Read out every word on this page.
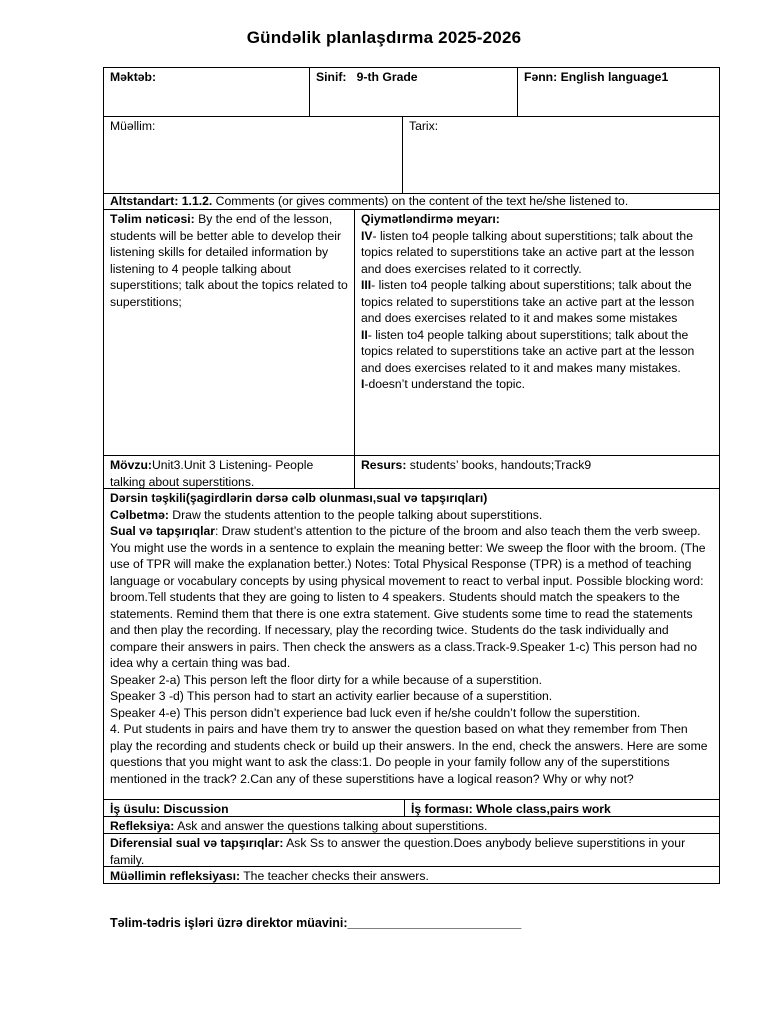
Gündəlik planlaşdırma 2025-2026
Məktəb:	Sinif: 9-th Grade	Fənn: English language1
Müəllim:	Tarix:
Altstandart: 1.1.2. Comments (or gives comments) on the content of the text he/she listened to.
Təlim nəticəsi: By the end of the lesson, students will be better able to develop their listening skills for detailed information by listening to 4 people talking about superstitions; talk about the topics related to superstitions;

Qiymətləndirmə meyarı:

IV- listen to4 people talking about superstitions; talk about the topics related to superstitions take an active part at the lesson and does exercises related to it correctly.

III- listen to4 people talking about superstitions; talk about the topics related to superstitions take an active part at the lesson and does exercises related to it and makes some mistakes

II- listen to4 people talking about superstitions; talk about the topics related to superstitions take an active part at the lesson and does exercises related to it and makes many mistakes.

I-doesn’t understand the topic.

Mövzu:Unit3.Unit 3 Listening- People talking about superstitions.
Resurs: students’ books, handouts;Track9

Dərsin təşkili(şagirdlərin dərsə cəlb olunması,sual və tapşırıqları)

Cəlbetmə: Draw the students attention to the people talking about superstitions.

Sual və tapşırıqlar: Draw student’s attention to the picture of the broom and also teach them the verb sweep. You might use the words in a sentence to explain the meaning better: We sweep the floor with the broom. (The use of TPR will make the explanation better.) Notes: Total Physical Response (TPR) is a method of teaching language or vocabulary concepts by using physical movement to react to verbal input. Possible blocking word: broom.Tell students that they are going to listen to 4 speakers. Students should match the speakers to the statements. Remind them that there is one extra statement. Give students some time to read the statements and then play the recording. If necessary, play the recording twice. Students do the task individually and compare their answers in pairs. Then check the answers as a class.Track-9.Speaker 1-c) This person had no idea why a certain thing was bad.

Speaker 2-a) This person left the floor dirty for a while because of a superstition.

Speaker 3 -d) This person had to start an activity earlier because of a superstition.

Speaker 4-e) This person didn’t experience bad luck even if he/she couldn’t follow the superstition.

4. Put students in pairs and have them try to answer the question based on what they remember from Then play the recording and students check or build up their answers. In the end, check the answers. Here are some questions that you might want to ask the class:1. Do people in your family follow any of the superstitions mentioned in the track? 2.Can any of these superstitions have a logical reason? Why or why not?

İş üsulu: Discussion	İş forması: Whole class,pairs work
Refleksiya: Ask and answer the questions talking about superstitions.
Diferensial sual və tapşırıqlar: Ask Ss to answer the question.Does anybody believe superstitions in your family.
Müəllimin refleksiyası: The teacher checks their answers.
Təlim-tədris işləri üzrə direktor müavini:_________________________
